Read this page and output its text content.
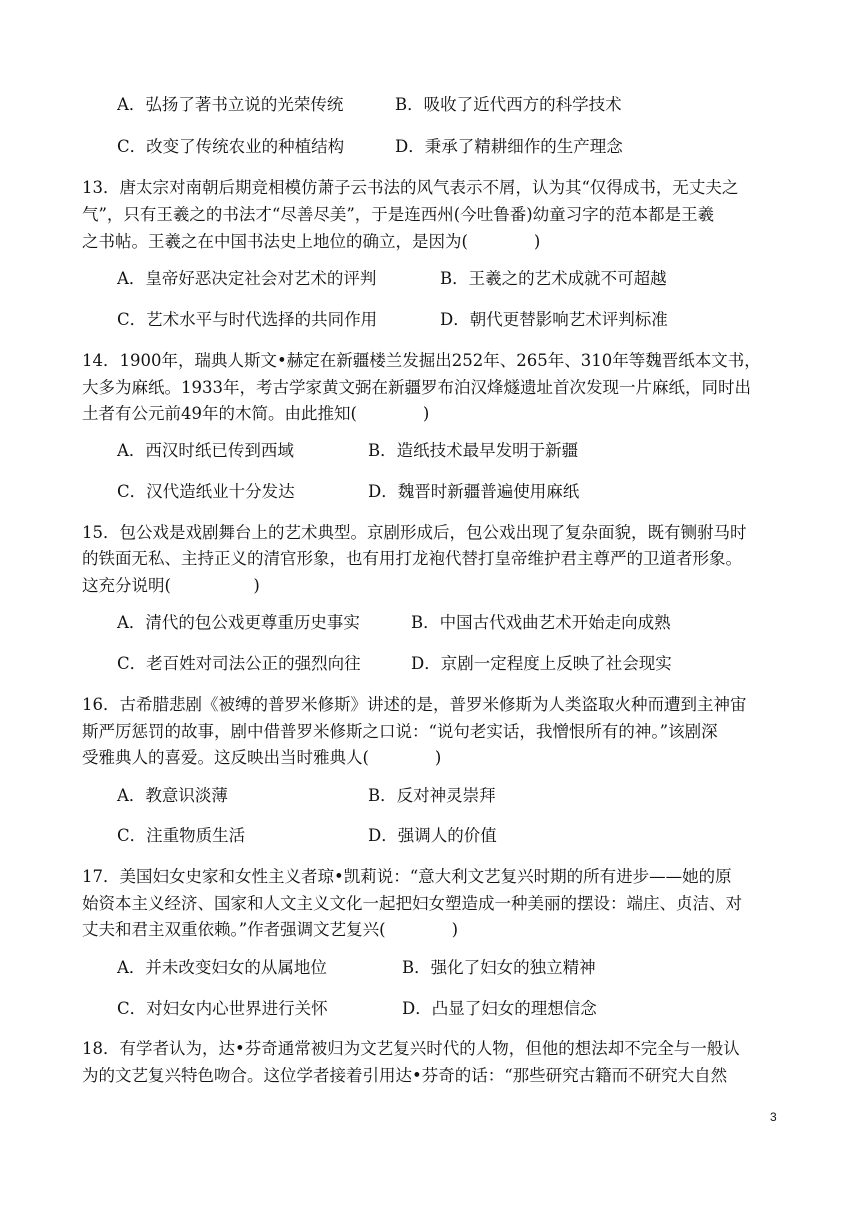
A．弘扬了著书立说的光荣传统	B．吸收了近代西方的科学技术
C．改变了传统农业的种植结构	D．秉承了精耕细作的生产理念
13．唐太宗对南朝后期竞相模仿萧子云书法的风气表示不屑，认为其“仅得成书，无丈夫之
气”，只有王羲之的书法才“尽善尽美”，于是连西州(今吐鲁番)幼童习字的范本都是王羲
之书帖。王羲之在中国书法史上地位的确立，是因为(　　　　)
A．皇帝好恶决定社会对艺术的评判	B．王羲之的艺术成就不可超越
C．艺术水平与时代选择的共同作用	D．朝代更替影响艺术评判标准
14．1900年，瑞典人斯文•赫定在新疆楼兰发掘出252年、265年、310年等魏晋纸本文书，
大多为麻纸。1933年，考古学家黄文弼在新疆罗布泊汉烽燧遗址首次发现一片麻纸，同时出
土者有公元前49年的木简。由此推知(　　　　)
A．西汉时纸已传到西域	B．造纸技术最早发明于新疆
C．汉代造纸业十分发达	D．魏晋时新疆普遍使用麻纸
15．包公戏是戏剧舞台上的艺术典型。京剧形成后，包公戏出现了复杂面貌，既有铡驸马时
的铁面无私、主持正义的清官形象，也有用打龙袍代替打皇帝维护君主尊严的卫道者形象。
这充分说明(　　　　　)
A．清代的包公戏更尊重历史事实	B．中国古代戏曲艺术开始走向成熟
C．老百姓对司法公正的强烈向往	D．京剧一定程度上反映了社会现实
16．古希腊悲剧《被缚的普罗米修斯》讲述的是，普罗米修斯为人类盗取火种而遭到主神宙
斯严厉惩罚的故事，剧中借普罗米修斯之口说：“说句老实话，我憎恨所有的神。”该剧深
受雅典人的喜爱。这反映出当时雅典人(　　　　)
A．教意识淡薄	B．反对神灵崇拜
C．注重物质生活	D．强调人的价值
17．美国妇女史家和女性主义者琼•凯莉说：“意大利文艺复兴时期的所有进步——她的原
始资本主义经济、国家和人文主义文化一起把妇女塑造成一种美丽的摆设：端庄、贞洁、对
丈夫和君主双重依赖。”作者强调文艺复兴(　　　　)
A．并未改变妇女的从属地位	B．强化了妇女的独立精神
C．对妇女内心世界进行关怀	D．凸显了妇女的理想信念
18．有学者认为，达•芬奇通常被归为文艺复兴时代的人物，但他的想法却不完全与一般认
为的文艺复兴特色吻合。这位学者接着引用达•芬奇的话：“那些研究古籍而不研究大自然
3
